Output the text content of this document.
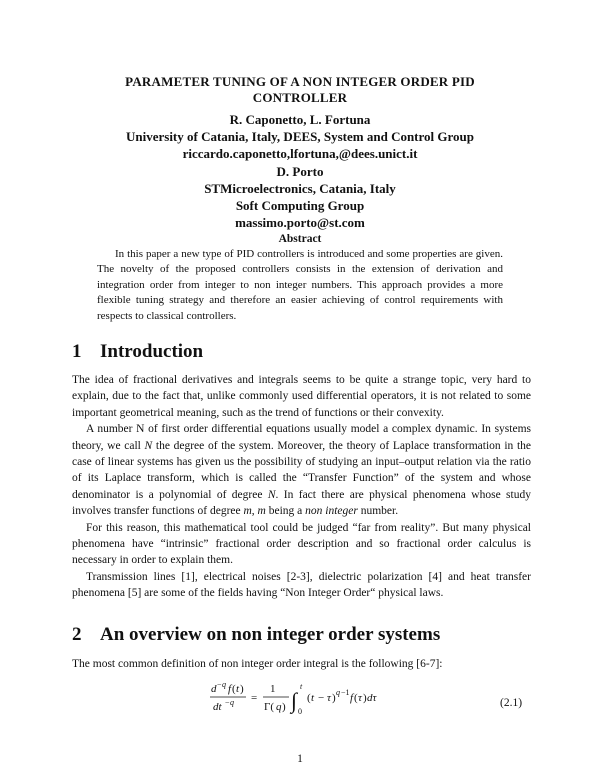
PARAMETER TUNING OF A NON INTEGER ORDER PID
CONTROLLER
R. Caponetto, L. Fortuna
University of Catania, Italy, DEES, System and Control Group
riccardo.caponetto,lfortuna,@dees.unict.it
D. Porto
STMicroelectronics, Catania, Italy
Soft Computing Group
massimo.porto@st.com
Abstract
In this paper a new type of PID controllers is introduced and some properties are given. The novelty of the proposed controllers consists in the extension of derivation and integration order from integer to non integer numbers. This approach provides a more flexible tuning strategy and therefore an easier achieving of control requirements with respects to classical controllers.
1 Introduction

The idea of fractional derivatives and integrals seems to be quite a strange topic, very hard to explain, due to the fact that, unlike commonly used differential operators, it is not related to some important geometrical meaning, such as the trend of functions or their convexity.

A number N of first order differential equations usually model a complex dynamic. In systems theory, we call N the degree of the system. Moreover, the theory of Laplace transformation in the case of linear systems has given us the possibility of studying an input–output relation via the ratio of its Laplace transform, which is called the “Transfer Function” of the system and whose denominator is a polynomial of degree N. In fact there are physical phenomena whose study involves transfer functions of degree m, m being a non integer number.

For this reason, this mathematical tool could be judged “far from reality”. But many physical phenomena have “intrinsic” fractional order description and so fractional order calculus is necessary in order to explain them.

Transmission lines [1], electrical noises [2-3], dielectric polarization [4] and heat transfer phenomena [5] are some of the fields having “Non Integer Order“ physical laws.

2 An overview on non integer order systems
The most common definition of non integer order integral is the following [6-7]:
d − q f ( t )
dt − q =
1
Γ( q ) ∫
t
0
( t − τ ) q −1 f ( τ ) dτ	(2.1)
1
